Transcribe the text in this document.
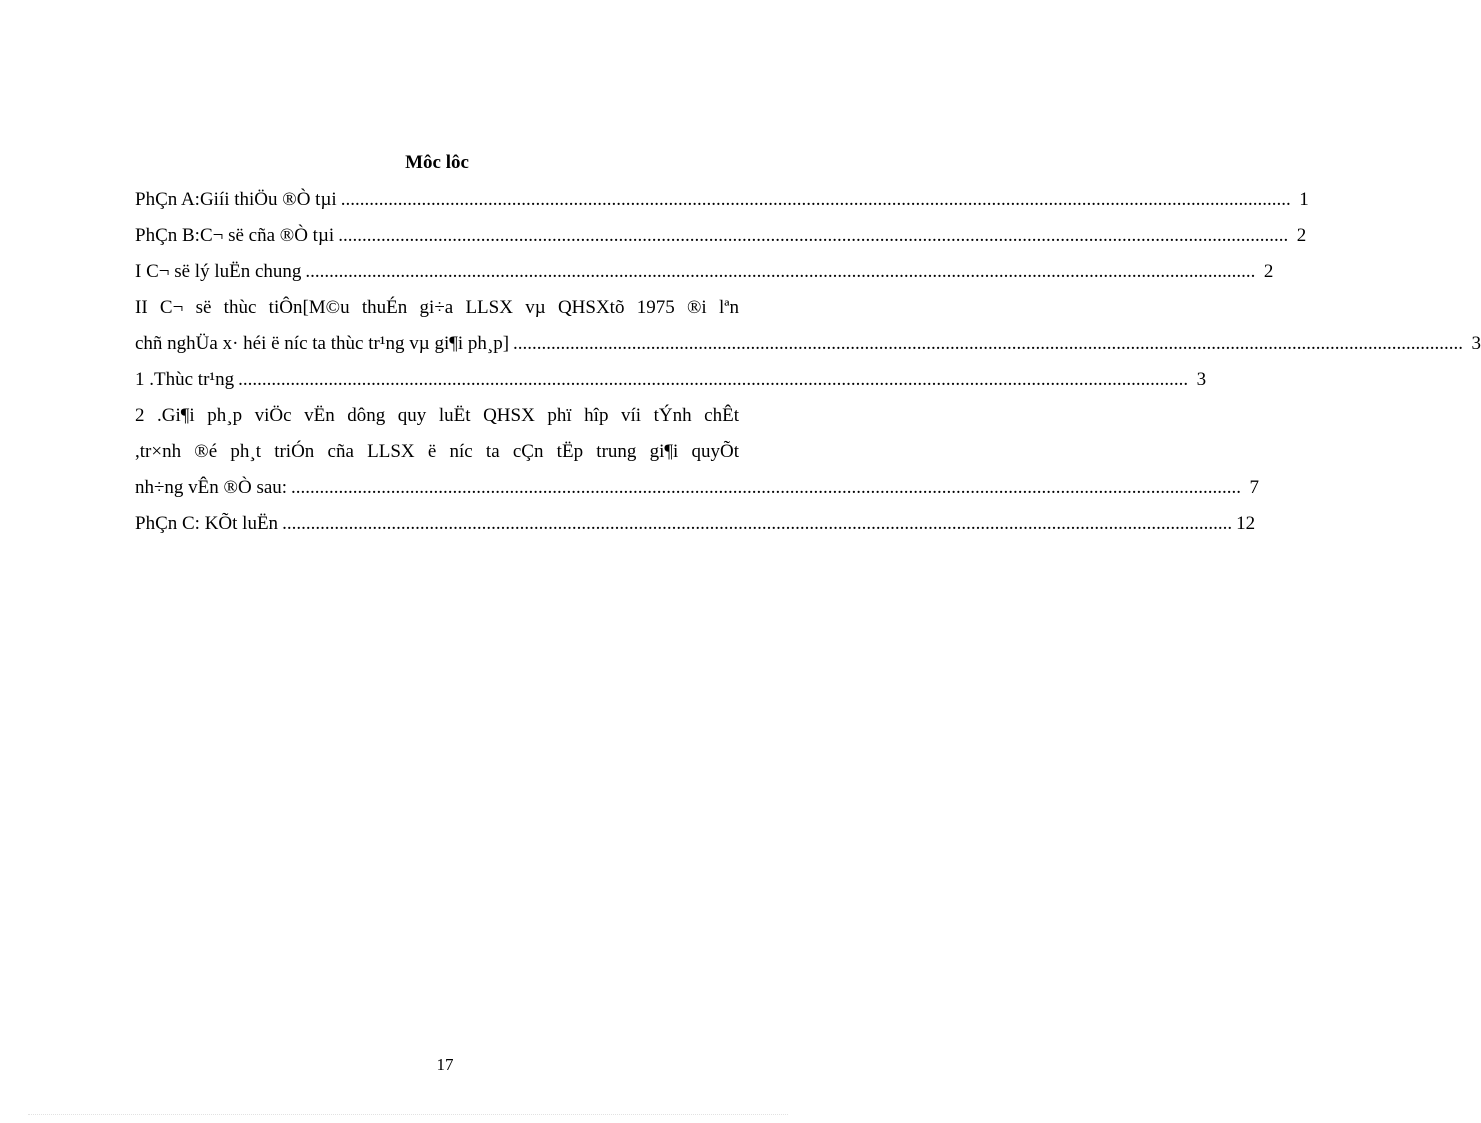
Môc lôc
PhÇn A:Giíi thiÖu ®Ò tµi ........................................................................................................................................................................................................ 1
PhÇn B:C¬ së cña ®Ò tµi ........................................................................................................................................................................................................ 2
I C¬ së lý luËn chung ........................................................................................................................................................................................................ 2
II C¬ së thùc tiÔn[M©u thuÉn gi÷a LLSX vµ QHSXtõ 1975 ®i lªn
chñ nghÜa x· héi ë níc ta thùc tr¹ng vµ gi¶i ph¸p] ........................................................................................................................................................................................................ 3
1 .Thùc tr¹ng ........................................................................................................................................................................................................ 3
2 .Gi¶i ph¸p viÖc vËn dông quy luËt QHSX phï hîp víi tÝnh chÊt
,tr×nh ®é ph¸t triÓn cña LLSX ë níc ta cÇn tËp trung gi¶i quyÕt
nh÷ng vÊn ®Ò sau: ........................................................................................................................................................................................................ 7
PhÇn C: KÕt luËn ........................................................................................................................................................................................................ 12
17
